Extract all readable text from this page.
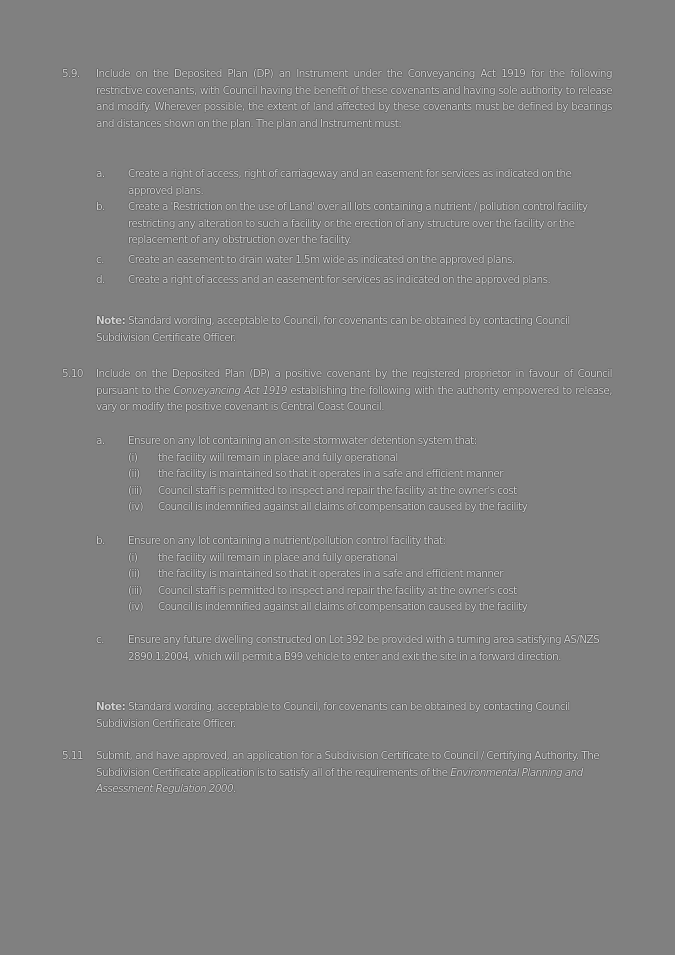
5.9.	Include on the Deposited Plan (DP) an Instrument under the Conveyancing Act 1919 for the following restrictive covenants, with Council having the benefit of these covenants and having sole authority to release and modify. Wherever possible, the extent of land affected by these covenants must be defined by bearings and distances shown on the plan. The plan and Instrument must:
a. Create a right of access, right of carriageway and an easement for services as indicated on the approved plans.
b. Create a 'Restriction on the use of Land' over all lots containing a nutrient / pollution control facility restricting any alteration to such a facility or the erection of any structure over the facility or the replacement of any obstruction over the facility.
c. Create an easement to drain water 1.5m wide as indicated on the approved plans.
d. Create a right of access and an easement for services as indicated on the approved plans.
Note: Standard wording, acceptable to Council, for covenants can be obtained by contacting Council Subdivision Certificate Officer.
5.10	Include on the Deposited Plan (DP) a positive covenant by the registered proprietor in favour of Council pursuant to the Conveyancing Act 1919 establishing the following with the authority empowered to release, vary or modify the positive covenant is Central Coast Council.
a. Ensure on any lot containing an on-site stormwater detention system that:
(i) the facility will remain in place and fully operational
(ii) the facility is maintained so that it operates in a safe and efficient manner
(iii) Council staff is permitted to inspect and repair the facility at the owner's cost
(iv) Council is indemnified against all claims of compensation caused by the facility
b. Ensure on any lot containing a nutrient/pollution control facility that:
(i) the facility will remain in place and fully operational
(ii) the facility is maintained so that it operates in a safe and efficient manner
(iii) Council staff is permitted to inspect and repair the facility at the owner's cost
(iv) Council is indemnified against all claims of compensation caused by the facility
c. Ensure any future dwelling constructed on Lot 392 be provided with a turning area satisfying AS/NZS 2890.1:2004, which will permit a B99 vehicle to enter and exit the site in a forward direction.
Note: Standard wording, acceptable to Council, for covenants can be obtained by contacting Council Subdivision Certificate Officer.
5.11	Submit, and have approved, an application for a Subdivision Certificate to Council / Certifying Authority. The Subdivision Certificate application is to satisfy all of the requirements of the Environmental Planning and Assessment Regulation 2000.
